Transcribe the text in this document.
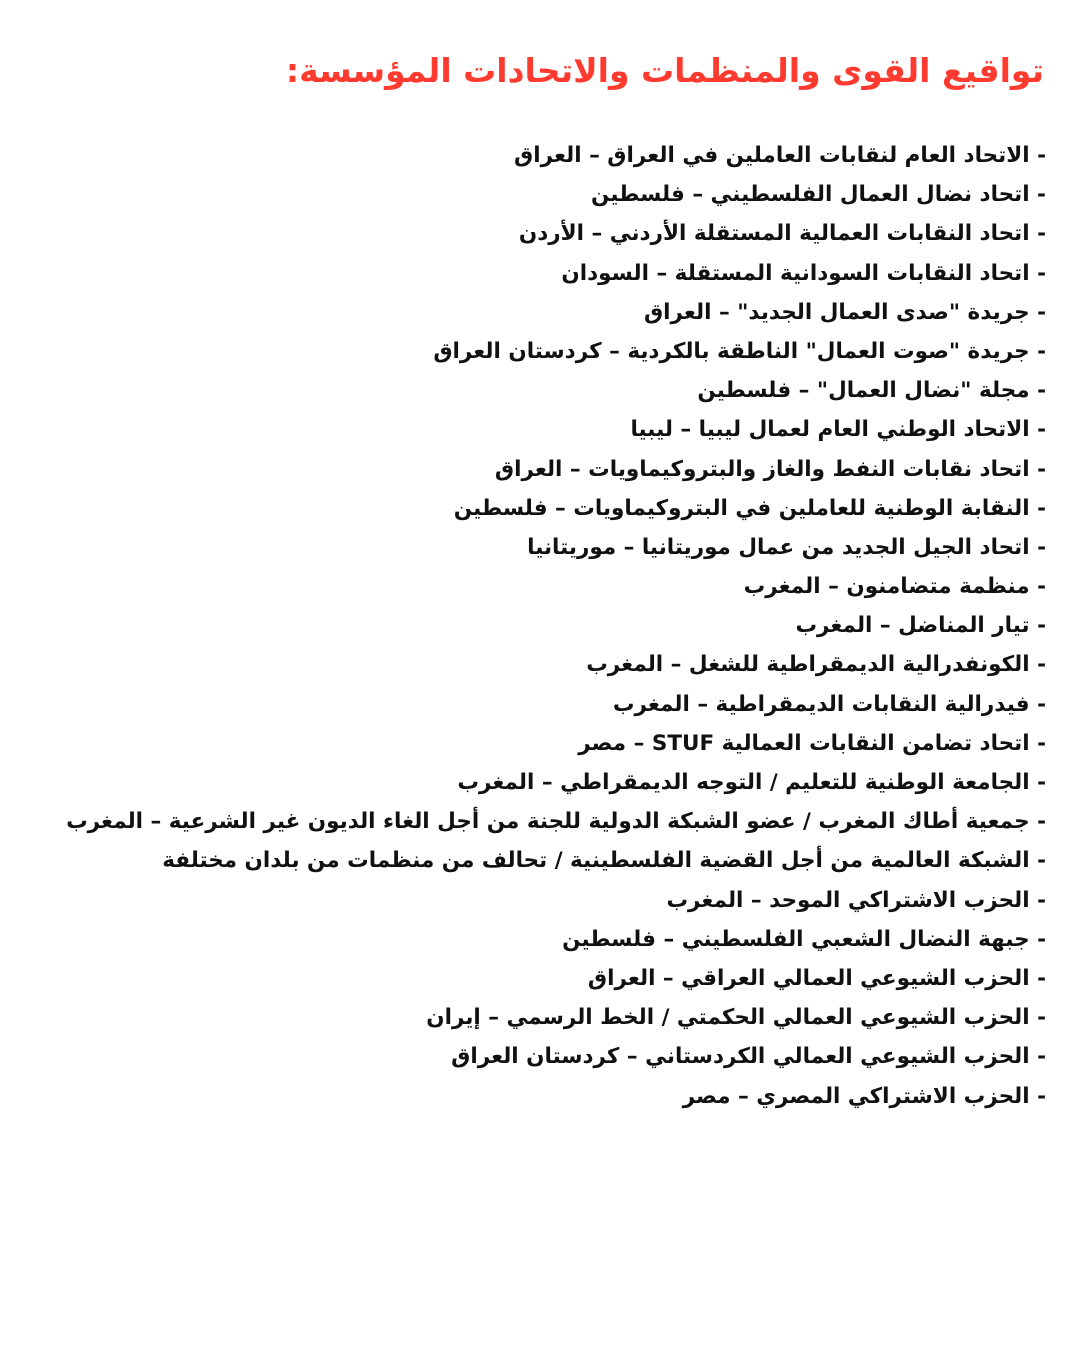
تواقيع القوى والمنظمات والاتحادات المؤسسة:
- الاتحاد العام لنقابات العاملين في العراق – العراق
- اتحاد نضال العمال الفلسطيني – فلسطين
- اتحاد النقابات العمالية المستقلة الأردني – الأردن
- اتحاد النقابات السودانية المستقلة – السودان
- جريدة "صدى العمال الجديد" – العراق
- جريدة "صوت العمال" الناطقة بالكردية – كردستان العراق
- مجلة "نضال العمال" – فلسطين
- الاتحاد الوطني العام لعمال ليبيا – ليبيا
- اتحاد نقابات النفط والغاز والبتروكيماويات – العراق
- النقابة الوطنية للعاملين في البتروكيماويات – فلسطين
- اتحاد الجيل الجديد من عمال موريتانيا – موريتانيا
- منظمة متضامنون – المغرب
- تيار المناضل – المغرب
- الكونفدرالية الديمقراطية للشغل – المغرب
- فيدرالية النقابات الديمقراطية – المغرب
- اتحاد تضامن النقابات العمالية STUF – مصر
- الجامعة الوطنية للتعليم / التوجه الديمقراطي – المغرب
- جمعية أطاك المغرب / عضو الشبكة الدولية للجنة من أجل الغاء الديون غير الشرعية – المغرب
- الشبكة العالمية من أجل القضية الفلسطينية / تحالف من منظمات من بلدان مختلفة
- الحزب الاشتراكي الموحد – المغرب
- جبهة النضال الشعبي الفلسطيني – فلسطين
- الحزب الشيوعي العمالي العراقي – العراق
- الحزب الشيوعي العمالي الحكمتي / الخط الرسمي – إيران
- الحزب الشيوعي العمالي الكردستاني – كردستان العراق
- الحزب الاشتراكي المصري – مصر
